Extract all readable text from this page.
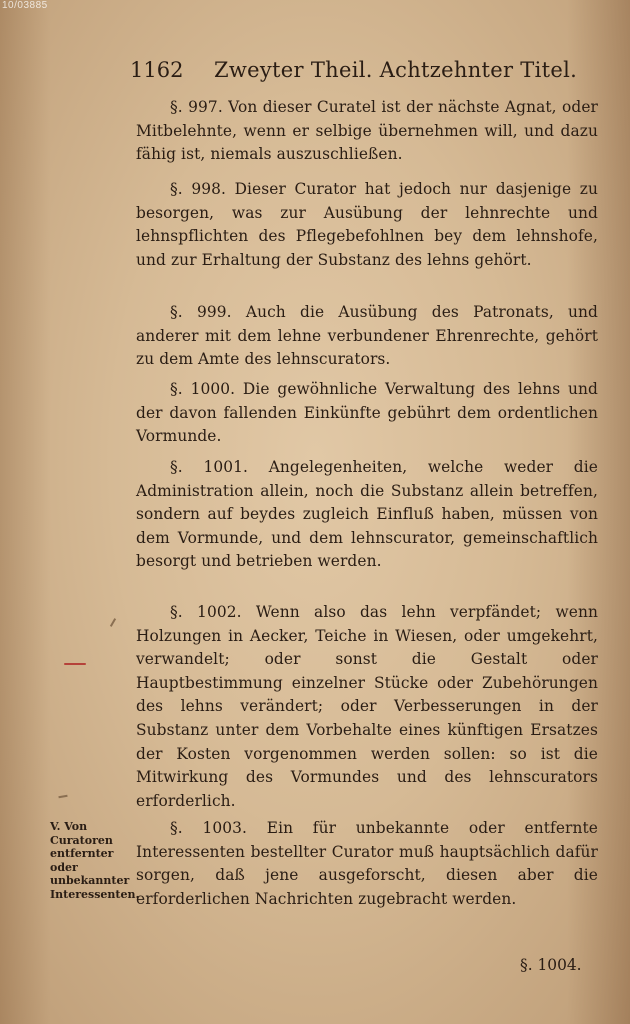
10/03885
1162 Zweyter Theil. Achtzehnter Titel.

§. 997. Von dieser Curatel ist der nächste Agnat, oder Mitbelehnte, wenn er selbige übernehmen will, und dazu fähig ist, niemals auszuschließen.

§. 998. Dieser Curator hat jedoch nur dasjenige zu besorgen, was zur Ausübung der lehnrechte und lehnspflichten des Pflegebefohlnen bey dem lehnshofe, und zur Erhaltung der Substanz des lehns gehört.

§. 999. Auch die Ausübung des Patronats, und anderer mit dem lehne verbundener Ehrenrechte, gehört zu dem Amte des lehnscurators.

§. 1000. Die gewöhnliche Verwaltung des lehns und der davon fallenden Einkünfte gebührt dem ordentlichen Vormunde.

§. 1001. Angelegenheiten, welche weder die Administration allein, noch die Substanz allein betreffen, sondern auf beydes zugleich Einfluß haben, müssen von dem Vormunde, und dem lehnscurator, gemeinschaftlich besorgt und betrieben werden.

§. 1002. Wenn also das lehn verpfändet; wenn Holzungen in Aecker, Teiche in Wiesen, oder umgekehrt, verwandelt; oder sonst die Gestalt oder Hauptbestimmung einzelner Stücke oder Zubehörungen des lehns verändert; oder Verbesserungen in der Substanz unter dem Vorbehalte eines künftigen Ersatzes der Kosten vorgenommen werden sollen: so ist die Mitwirkung des Vormundes und des lehnscurators erforderlich.

§. 1003. Ein für unbekannte oder entfernte Interessenten bestellter Curator muß hauptsächlich dafür sorgen, daß jene ausgeforscht, diesen aber die erforderlichen Nachrichten zugebracht werden.

V. Von Curatoren entfernter oder unbekannter Interessenten.
§. 1004.
